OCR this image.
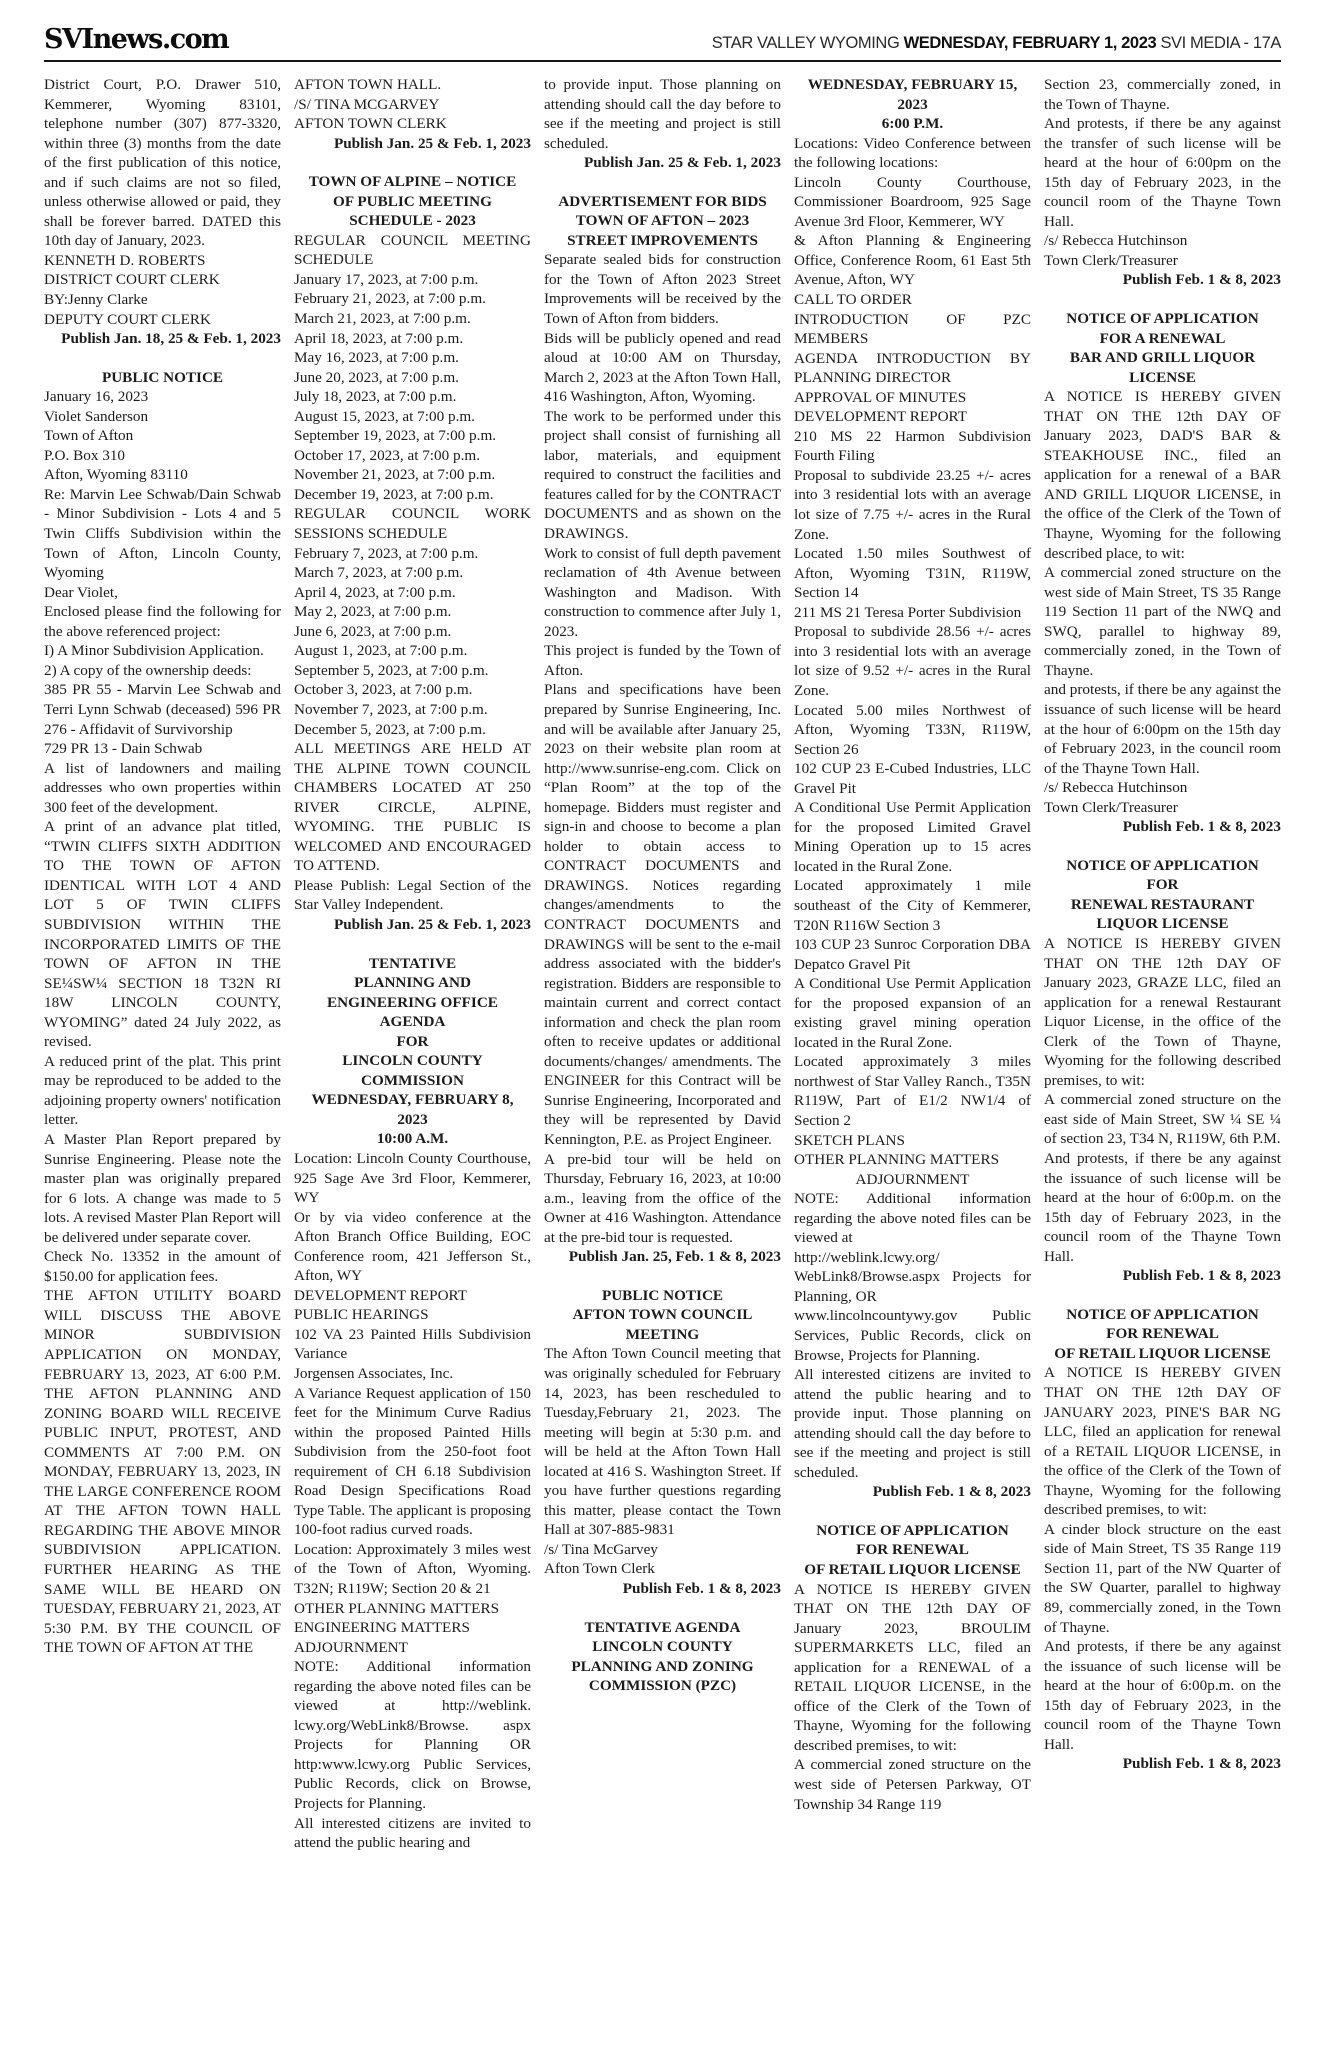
SVInews.com	STAR VALLEY WYOMING WEDNESDAY, FEBRUARY 1, 2023 SVI MEDIA - 17A
District Court, P.O. Drawer 510, Kemmerer, Wyoming 83101, telephone number (307) 877-3320, within three (3) months from the date of the first publication of this notice, and if such claims are not so filed, unless otherwise allowed or paid, they shall be forever barred. DATED this 10th day of January, 2023.
KENNETH D. ROBERTS
DISTRICT COURT CLERK
BY:Jenny Clarke
DEPUTY COURT CLERK
Publish Jan. 18, 25 & Feb. 1, 2023
PUBLIC NOTICE
January 16, 2023
Violet Sanderson
Town of Afton
P.O. Box 310
Afton, Wyoming 83110
Re: Marvin Lee Schwab/Dain Schwab - Minor Subdivision - Lots 4 and 5 Twin Cliffs Subdivision within the Town of Afton, Lincoln County, Wyoming
Dear Violet,
Enclosed please find the following for the above referenced project:
I) A Minor Subdivision Application.
2) A copy of the ownership deeds:
385 PR 55 - Marvin Lee Schwab and Terri Lynn Schwab (deceased) 596 PR 276 - Affidavit of Survivorship
729 PR 13 - Dain Schwab
A list of landowners and mailing addresses who own properties within 300 feet of the development.
A print of an advance plat titled, “TWIN CLIFFS SIXTH ADDITION TO THE TOWN OF AFTON IDENTICAL WITH LOT 4 AND LOT 5 OF TWIN CLIFFS SUBDIVISION WITHIN THE INCORPORATED LIMITS OF THE TOWN OF AFTON IN THE SE¼SW¼ SECTION 18 T32N RI 18W LINCOLN COUNTY, WYOMING” dated 24 July 2022, as revised.
A reduced print of the plat. This print may be reproduced to be added to the adjoining property owners' notification letter.
A Master Plan Report prepared by Sunrise Engineering. Please note the master plan was originally prepared for 6 lots. A change was made to 5 lots. A revised Master Plan Report will be delivered under separate cover.
Check No. 13352 in the amount of $150.00 for application fees.
THE AFTON UTILITY BOARD WILL DISCUSS THE ABOVE MINOR SUBDIVISION APPLICATION ON MONDAY, FEBRUARY 13, 2023, AT 6:00 P.M. THE AFTON PLANNING AND ZONING BOARD WILL RECEIVE PUBLIC INPUT, PROTEST, AND COMMENTS AT 7:00 P.M. ON MONDAY, FEBRUARY 13, 2023, IN THE LARGE CONFERENCE ROOM AT THE AFTON TOWN HALL REGARDING THE ABOVE MINOR SUBDIVISION APPLICATION. FURTHER HEARING AS THE SAME WILL BE HEARD ON TUESDAY, FEBRUARY 21, 2023, AT 5:30 P.M. BY THE COUNCIL OF THE TOWN OF AFTON AT THE
AFTON TOWN HALL.
/S/ TINA MCGARVEY
AFTON TOWN CLERK
Publish Jan. 25 & Feb. 1, 2023
TOWN OF ALPINE – NOTICE
OF PUBLIC MEETING
SCHEDULE - 2023
REGULAR COUNCIL MEETING SCHEDULE
January 17, 2023, at 7:00 p.m.
February 21, 2023, at 7:00 p.m.
March 21, 2023, at 7:00 p.m.
April 18, 2023, at 7:00 p.m.
May 16, 2023, at 7:00 p.m.
June 20, 2023, at 7:00 p.m.
July 18, 2023, at 7:00 p.m.
August 15, 2023, at 7:00 p.m.
September 19, 2023, at 7:00 p.m.
October 17, 2023, at 7:00 p.m.
November 21, 2023, at 7:00 p.m.
December 19, 2023, at 7:00 p.m.
REGULAR COUNCIL WORK SESSIONS SCHEDULE
February 7, 2023, at 7:00 p.m.
March 7, 2023, at 7:00 p.m.
April 4, 2023, at 7:00 p.m.
May 2, 2023, at 7:00 p.m.
June 6, 2023, at 7:00 p.m.
August 1, 2023, at 7:00 p.m.
September 5, 2023, at 7:00 p.m.
October 3, 2023, at 7:00 p.m.
November 7, 2023, at 7:00 p.m.
December 5, 2023, at 7:00 p.m.
ALL MEETINGS ARE HELD AT THE ALPINE TOWN COUNCIL CHAMBERS LOCATED AT 250 RIVER CIRCLE, ALPINE, WYOMING. THE PUBLIC IS WELCOMED AND ENCOURAGED TO ATTEND.
Please Publish: Legal Section of the Star Valley Independent.
Publish Jan. 25 & Feb. 1, 2023
TENTATIVE
PLANNING AND
ENGINEERING OFFICE
AGENDA
FOR
LINCOLN COUNTY
COMMISSION
WEDNESDAY, FEBRUARY 8,
2023
10:00 A.M.
Location: Lincoln County Courthouse, 925 Sage Ave 3rd Floor, Kemmerer, WY
Or by via video conference at the Afton Branch Office Building, EOC Conference room, 421 Jefferson St., Afton, WY
DEVELOPMENT REPORT
PUBLIC HEARINGS
102 VA 23 Painted Hills Subdivision Variance
Jorgensen Associates, Inc.
A Variance Request application of 150 feet for the Minimum Curve Radius within the proposed Painted Hills Subdivision from the 250-foot foot requirement of CH 6.18 Subdivision Road Design Specifications Road Type Table. The applicant is proposing 100-foot radius curved roads.
Location: Approximately 3 miles west of the Town of Afton, Wyoming. T32N; R119W; Section 20 & 21
OTHER PLANNING MATTERS
ENGINEERING MATTERS
ADJOURNMENT
NOTE: Additional information regarding the above noted files can be viewed at http://weblink. lcwy.org/WebLink8/Browse. aspx Projects for Planning OR http:www.lcwy.org Public Services, Public Records, click on Browse, Projects for Planning.
All interested citizens are invited to attend the public hearing and
to provide input. Those planning on attending should call the day before to see if the meeting and project is still scheduled.
Publish Jan. 25 & Feb. 1, 2023
ADVERTISEMENT FOR BIDS
TOWN OF AFTON – 2023
STREET IMPROVEMENTS
Separate sealed bids for construction for the Town of Afton 2023 Street Improvements will be received by the Town of Afton from bidders.
Bids will be publicly opened and read aloud at 10:00 AM on Thursday, March 2, 2023 at the Afton Town Hall, 416 Washington, Afton, Wyoming.
The work to be performed under this project shall consist of furnishing all labor, materials, and equipment required to construct the facilities and features called for by the CONTRACT DOCUMENTS and as shown on the DRAWINGS.
Work to consist of full depth pavement reclamation of 4th Avenue between Washington and Madison. With construction to commence after July 1, 2023.
This project is funded by the Town of Afton.
Plans and specifications have been prepared by Sunrise Engineering, Inc. and will be available after January 25, 2023 on their website plan room at http://www.sunrise-eng.com. Click on “Plan Room” at the top of the homepage. Bidders must register and sign-in and choose to become a plan holder to obtain access to CONTRACT DOCUMENTS and DRAWINGS. Notices regarding changes/amendments to the CONTRACT DOCUMENTS and DRAWINGS will be sent to the e-mail address associated with the bidder's registration. Bidders are responsible to maintain current and correct contact information and check the plan room often to receive updates or additional documents/changes/ amendments. The ENGINEER for this Contract will be Sunrise Engineering, Incorporated and they will be represented by David Kennington, P.E. as Project Engineer.
A pre-bid tour will be held on Thursday, February 16, 2023, at 10:00 a.m., leaving from the office of the Owner at 416 Washington. Attendance at the pre-bid tour is requested.
Publish Jan. 25, Feb. 1 & 8, 2023
PUBLIC NOTICE
AFTON TOWN COUNCIL
MEETING
The Afton Town Council meeting that was originally scheduled for February 14, 2023, has been rescheduled to Tuesday,February 21, 2023. The meeting will begin at 5:30 p.m. and will be held at the Afton Town Hall located at 416 S. Washington Street. If you have further questions regarding this matter, please contact the Town Hall at 307-885-9831
/s/ Tina McGarvey
Afton Town Clerk
Publish Feb. 1 & 8, 2023
TENTATIVE AGENDA
LINCOLN COUNTY
PLANNING AND ZONING
COMMISSION (PZC)
WEDNESDAY, FEBRUARY 15,
2023
6:00 P.M.
Locations: Video Conference between the following locations:
Lincoln County Courthouse, Commissioner Boardroom, 925 Sage Avenue 3rd Floor, Kemmerer, WY
& Afton Planning & Engineering Office, Conference Room, 61 East 5th Avenue, Afton, WY
CALL TO ORDER
INTRODUCTION OF PZC MEMBERS
AGENDA INTRODUCTION BY PLANNING DIRECTOR
APPROVAL OF MINUTES
DEVELOPMENT REPORT
210 MS 22 Harmon Subdivision Fourth Filing
Proposal to subdivide 23.25 +/- acres into 3 residential lots with an average lot size of 7.75 +/- acres in the Rural Zone.
Located 1.50 miles Southwest of Afton, Wyoming T31N, R119W, Section 14
211 MS 21 Teresa Porter Subdivision
Proposal to subdivide 28.56 +/- acres into 3 residential lots with an average lot size of 9.52 +/- acres in the Rural Zone.
Located 5.00 miles Northwest of Afton, Wyoming T33N, R119W, Section 26
102 CUP 23 E-Cubed Industries, LLC Gravel Pit
A Conditional Use Permit Application for the proposed Limited Gravel Mining Operation up to 15 acres located in the Rural Zone.
Located approximately 1 mile southeast of the City of Kemmerer, T20N R116W Section 3
103 CUP 23 Sunroc Corporation DBA Depatco Gravel Pit
A Conditional Use Permit Application for the proposed expansion of an existing gravel mining operation located in the Rural Zone.
Located approximately 3 miles northwest of Star Valley Ranch., T35N R119W, Part of E1/2 NW1/4 of Section 2
SKETCH PLANS
OTHER PLANNING MATTERS
ADJOURNMENT
NOTE: Additional information regarding the above noted files can be viewed at
http://weblink.lcwy.org/ WebLink8/Browse.aspx Projects for Planning, OR
www.lincolncountywy.gov Public Services, Public Records, click on Browse, Projects for Planning.
All interested citizens are invited to attend the public hearing and to provide input. Those planning on attending should call the day before to see if the meeting and project is still scheduled.
Publish Feb. 1 & 8, 2023
NOTICE OF APPLICATION
FOR RENEWAL
OF RETAIL LIQUOR LICENSE
A NOTICE IS HEREBY GIVEN THAT ON THE 12th DAY OF January 2023, BROULIM SUPERMARKETS LLC, filed an application for a RENEWAL of a RETAIL LIQUOR LICENSE, in the office of the Clerk of the Town of Thayne, Wyoming for the following described premises, to wit:
A commercial zoned structure on the west side of Petersen Parkway, OT Township 34 Range 119
Section 23, commercially zoned, in the Town of Thayne.
And protests, if there be any against the transfer of such license will be heard at the hour of 6:00pm on the 15th day of February 2023, in the council room of the Thayne Town Hall.
/s/ Rebecca Hutchinson
Town Clerk/Treasurer
Publish Feb. 1 & 8, 2023
NOTICE OF APPLICATION
FOR A RENEWAL
BAR AND GRILL LIQUOR
LICENSE
A NOTICE IS HEREBY GIVEN THAT ON THE 12th DAY OF January 2023, DAD'S BAR & STEAKHOUSE INC., filed an application for a renewal of a BAR AND GRILL LIQUOR LICENSE, in the office of the Clerk of the Town of Thayne, Wyoming for the following described place, to wit:
A commercial zoned structure on the west side of Main Street, TS 35 Range 119 Section 11 part of the NWQ and SWQ, parallel to highway 89, commercially zoned, in the Town of Thayne.
and protests, if there be any against the issuance of such license will be heard at the hour of 6:00pm on the 15th day of February 2023, in the council room of the Thayne Town Hall.
/s/ Rebecca Hutchinson
Town Clerk/Treasurer
Publish Feb. 1 & 8, 2023
NOTICE OF APPLICATION
FOR
RENEWAL RESTAURANT
LIQUOR LICENSE
A NOTICE IS HEREBY GIVEN THAT ON THE 12th DAY OF January 2023, GRAZE LLC, filed an application for a renewal Restaurant Liquor License, in the office of the Clerk of the Town of Thayne, Wyoming for the following described premises, to wit:
A commercial zoned structure on the east side of Main Street, SW ¼ SE ¼ of section 23, T34 N, R119W, 6th P.M.
And protests, if there be any against the issuance of such license will be heard at the hour of 6:00p.m. on the 15th day of February 2023, in the council room of the Thayne Town Hall.
Publish Feb. 1 & 8, 2023
NOTICE OF APPLICATION
FOR RENEWAL
OF RETAIL LIQUOR LICENSE
A NOTICE IS HEREBY GIVEN THAT ON THE 12th DAY OF JANUARY 2023, PINE'S BAR NG LLC, filed an application for renewal of a RETAIL LIQUOR LICENSE, in the office of the Clerk of the Town of Thayne, Wyoming for the following described premises, to wit:
A cinder block structure on the east side of Main Street, TS 35 Range 119 Section 11, part of the NW Quarter of the SW Quarter, parallel to highway 89, commercially zoned, in the Town of Thayne.
And protests, if there be any against the issuance of such license will be heard at the hour of 6:00p.m. on the 15th day of February 2023, in the council room of the Thayne Town Hall.
Publish Feb. 1 & 8, 2023
